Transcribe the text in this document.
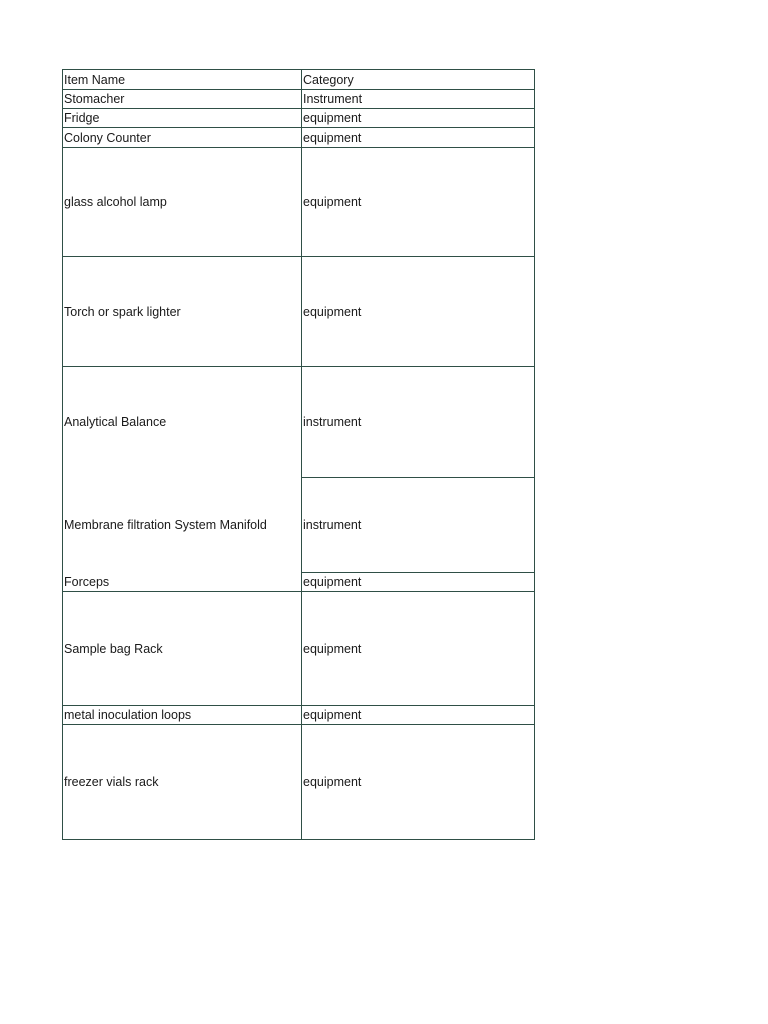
Item Name	Category
Stomacher	Instrument
Fridge	equipment
Colony Counter	equipment
glass alcohol lamp	equipment
Torch or spark lighter	equipment
Analytical Balance	instrument
Membrane filtration System Manifold	instrument
Forceps	equipment
Sample bag Rack	equipment
metal inoculation loops	equipment
freezer vials rack	equipment
